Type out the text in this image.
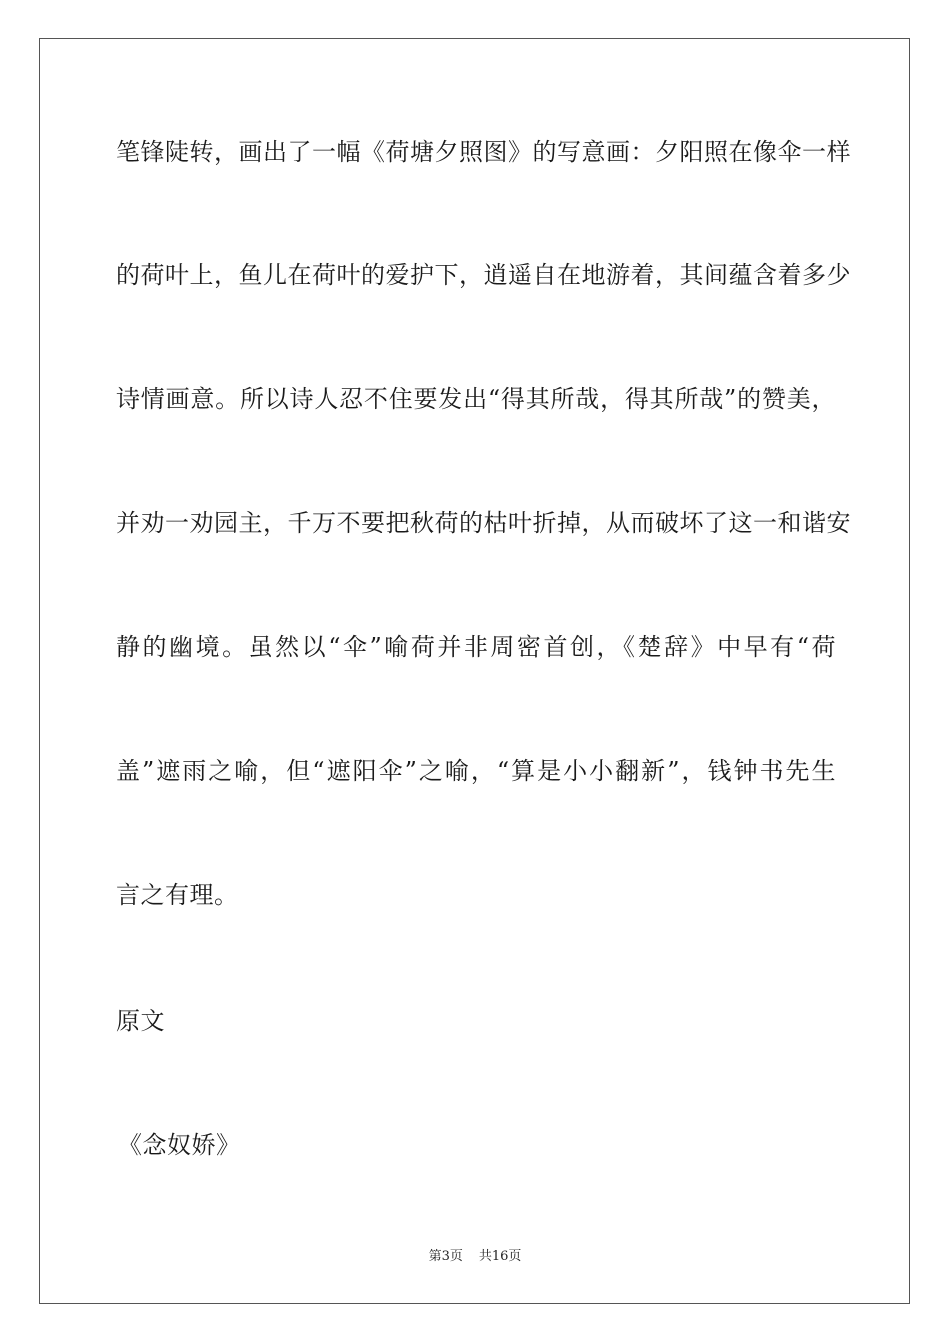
笔锋陡转，画出了一幅《荷塘夕照图》的写意画：夕阳照在像伞一样
的荷叶上，鱼儿在荷叶的爱护下，逍遥自在地游着，其间蕴含着多少
诗情画意。所以诗人忍不住要发出“得其所哉，得其所哉”的赞美，
并劝一劝园主，千万不要把秋荷的枯叶折掉，从而破坏了这一和谐安
静的幽境。虽然以“伞”喻荷并非周密首创，《楚辞》中早有“荷
盖”遮雨之喻，但“遮阳伞”之喻，“算是小小翻新”，钱钟书先生
言之有理。
原文
《念奴娇》
第3页 共16页
